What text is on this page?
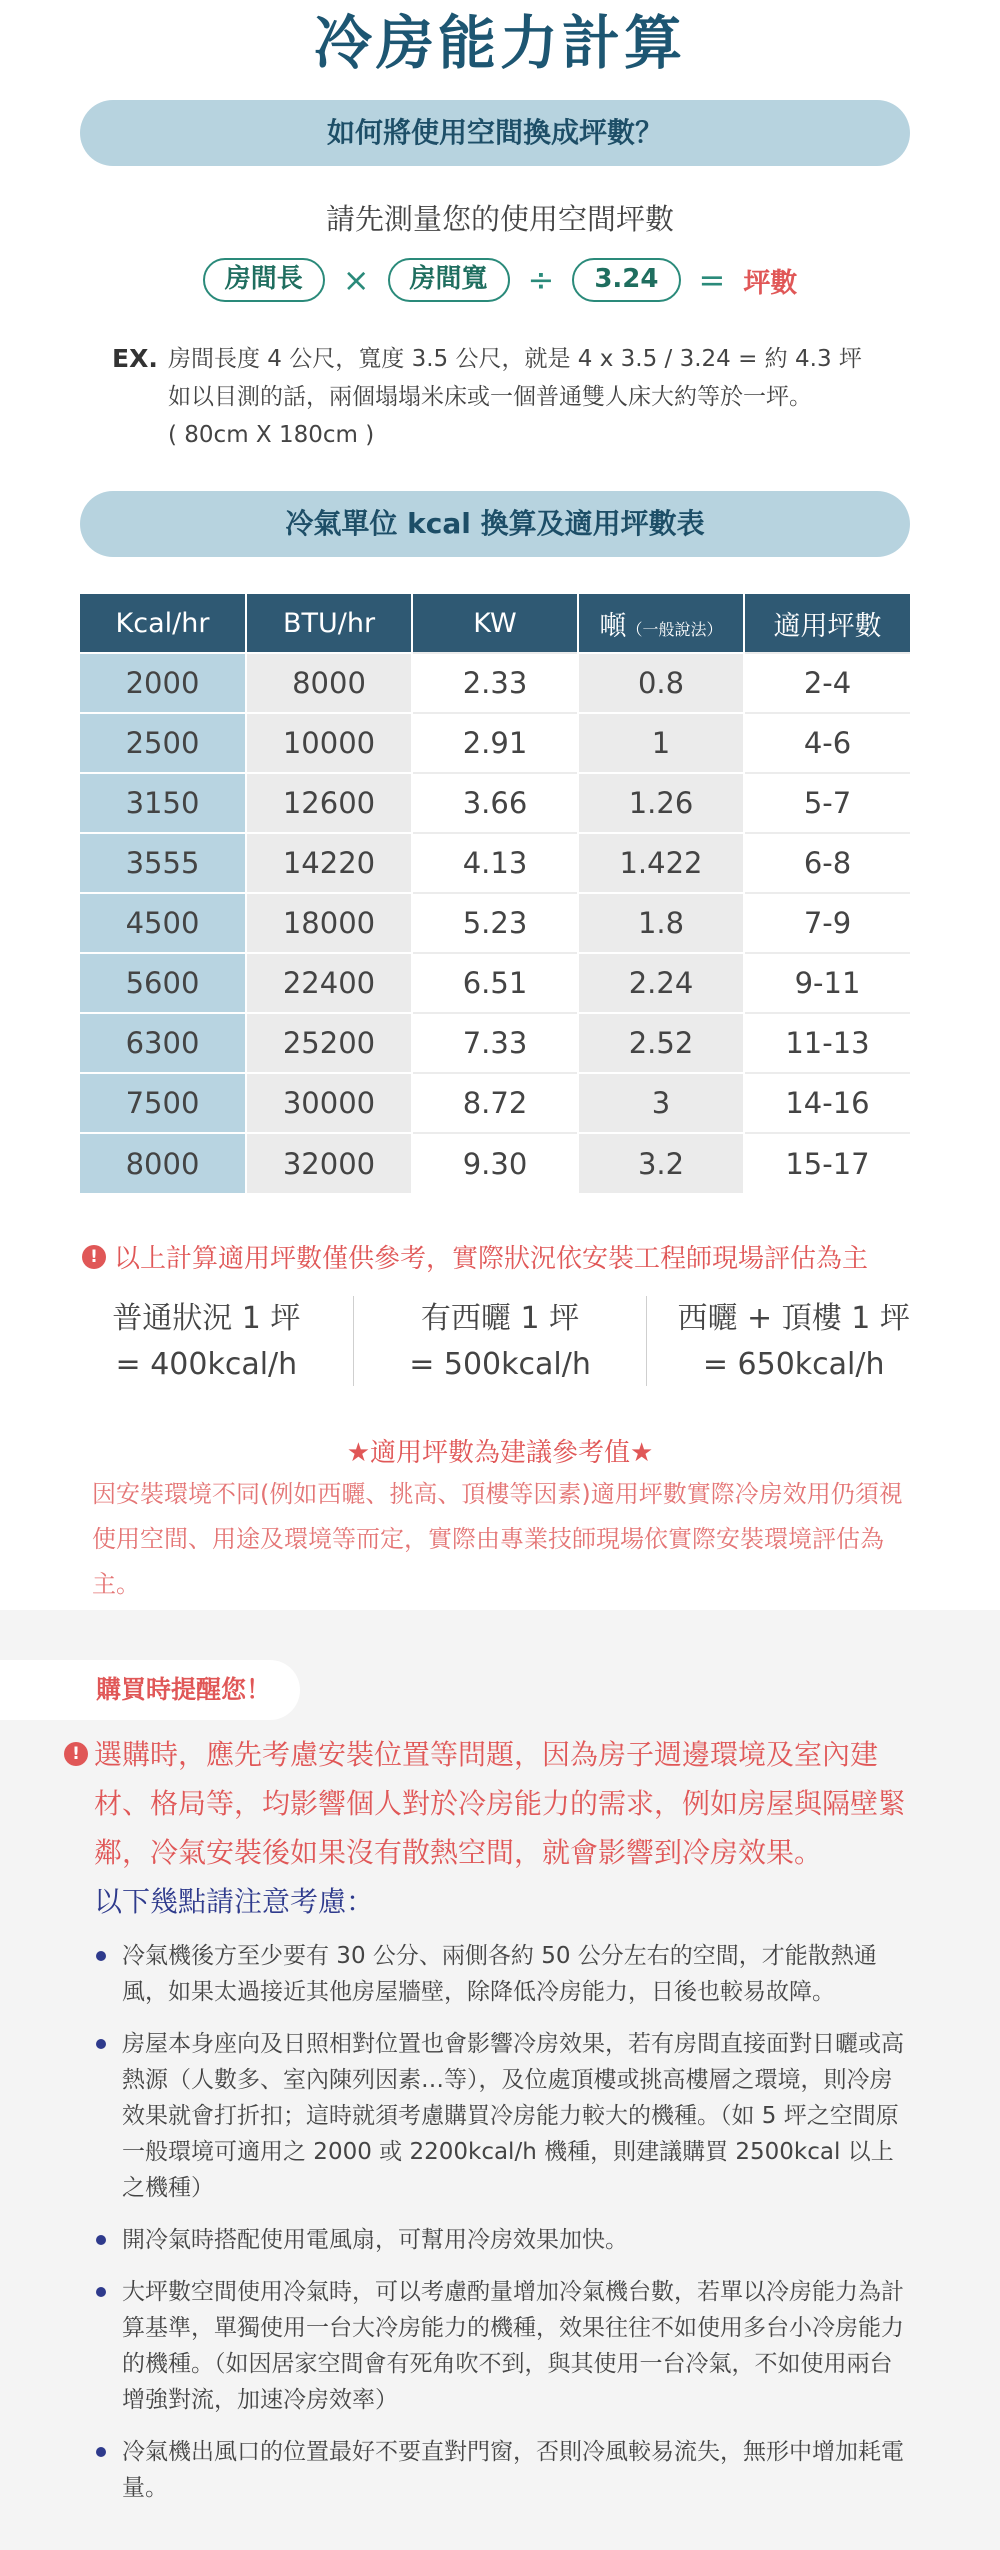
冷房能力計算
如何將使用空間換成坪數？
請先測量您的使用空間坪數
房間長	×	房間寬	÷	3.24	= 坪數
EX. 房間長度 4 公尺，寬度 3.5 公尺，就是 4 x 3.5 / 3.24 = 約 4.3 坪
如以目測的話，兩個塌塌米床或一個普通雙人床大約等於一坪。
( 80cm X 180cm )
冷氣單位 kcal 換算及適用坪數表
Kcal/hr	BTU/hr	KW	噸（一般說法）	適用坪數
2000	8000	2.33	0.8	2-4
2500	10000	2.91	1	4-6
3150	12600	3.66	1.26	5-7
3555	14220	4.13	1.422	6-8
4500	18000	5.23	1.8	7-9
5600	22400	6.51	2.24	9-11
6300	25200	7.33	2.52	11-13
7500	30000	8.72	3	14-16
8000	32000	9.30	3.2	15-17
! 以上計算適用坪數僅供參考，實際狀況依安裝工程師現場評估為主
普通狀況 1 坪
= 400kcal/h
有西曬 1 坪
= 500kcal/h
西曬 + 頂樓 1 坪
= 650kcal/h
★適用坪數為建議參考值★
因安裝環境不同(例如西曬、挑高、頂樓等因素)適用坪數實際冷房效用仍須視使用空間、用途及環境等而定，實際由專業技師現場依實際安裝環境評估為主。
購買時提醒您！
! 選購時，應先考慮安裝位置等問題，因為房子週邊環境及室內建材、格局等，均影響個人對於冷房能力的需求，例如房屋與隔壁緊鄰，冷氣安裝後如果沒有散熱空間，就會影響到冷房效果。
以下幾點請注意考慮：
冷氣機後方至少要有 30 公分、兩側各約 50 公分左右的空間，才能散熱通風，如果太過接近其他房屋牆壁，除降低冷房能力，日後也較易故障。
房屋本身座向及日照相對位置也會影響冷房效果，若有房間直接面對日曬或高熱源（人數多、室內陳列因素…等），及位處頂樓或挑高樓層之環境，則冷房效果就會打折扣；這時就須考慮購買冷房能力較大的機種。（如 5 坪之空間原一般環境可適用之 2000 或 2200kcal/h 機種，則建議購買 2500kcal 以上之機種）
開冷氣時搭配使用電風扇，可幫用冷房效果加快。
大坪數空間使用冷氣時，可以考慮酌量增加冷氣機台數，若單以冷房能力為計算基準，單獨使用一台大冷房能力的機種，效果往往不如使用多台小冷房能力的機種。（如因居家空間會有死角吹不到，與其使用一台冷氣，不如使用兩台增強對流，加速冷房效率）
冷氣機出風口的位置最好不要直對門窗，否則冷風較易流失，無形中增加耗電量。
